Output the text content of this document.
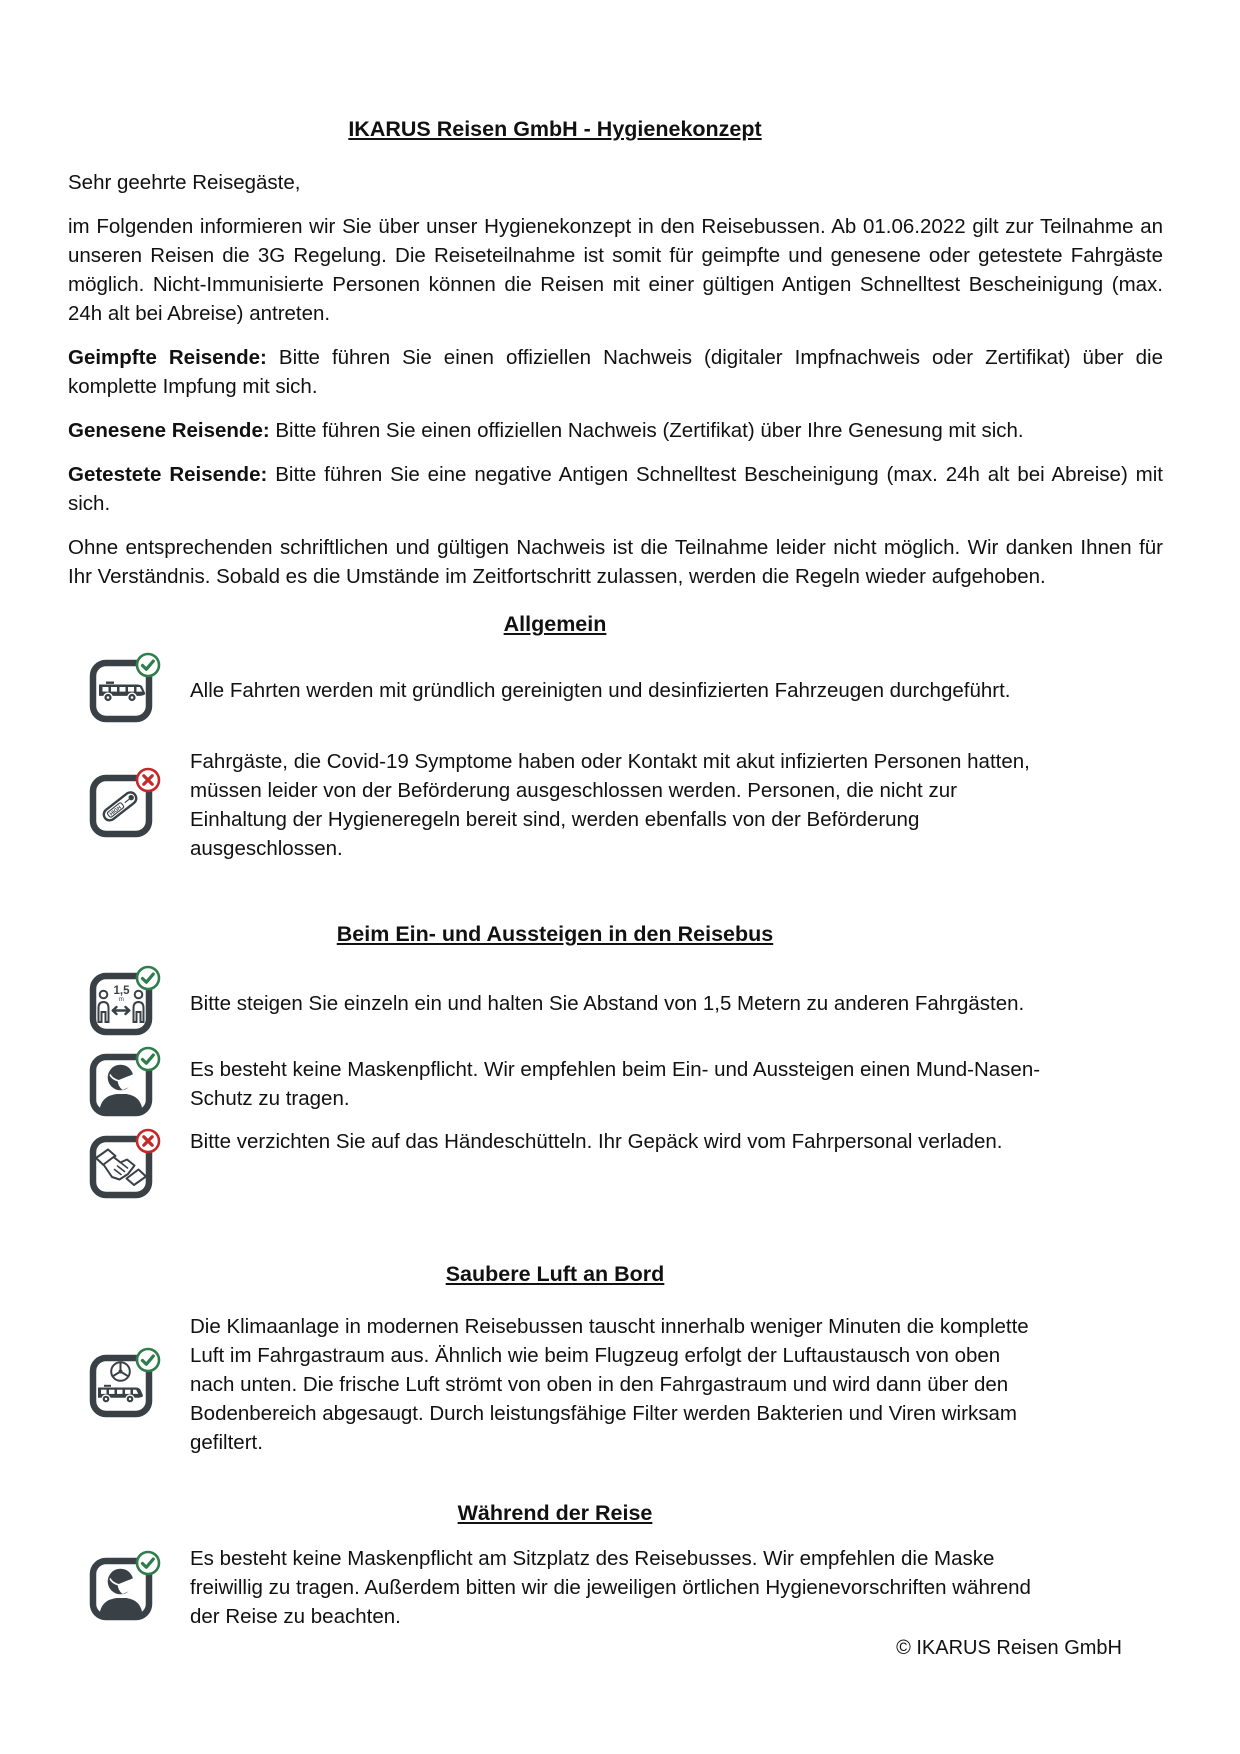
IKARUS Reisen GmbH - Hygienekonzept

Sehr geehrte Reisegäste,

im Folgenden informieren wir Sie über unser Hygienekonzept in den Reisebussen. Ab 01.06.2022 gilt zur Teilnahme an unseren Reisen die 3G Regelung. Die Reiseteilnahme ist somit für geimpfte und genesene oder getestete Fahrgäste möglich. Nicht-Immunisierte Personen können die Reisen mit einer gültigen Antigen Schnelltest Bescheinigung (max. 24h alt bei Abreise) antreten.

Geimpfte Reisende: Bitte führen Sie einen offiziellen Nachweis (digitaler Impfnachweis oder Zertifikat) über die komplette Impfung mit sich.

Genesene Reisende: Bitte führen Sie einen offiziellen Nachweis (Zertifikat) über Ihre Genesung mit sich.

Getestete Reisende: Bitte führen Sie eine negative Antigen Schnelltest Bescheinigung (max. 24h alt bei Abreise) mit sich.

Ohne entsprechenden schriftlichen und gültigen Nachweis ist die Teilnahme leider nicht möglich. Wir danken Ihnen für Ihr Verständnis. Sobald es die Umstände im Zeitfortschritt zulassen, werden die Regeln wieder aufgehoben.

Allgemein

Alle Fahrten werden mit gründlich gereinigten und desinfizierten Fahrzeugen durchgeführt.

Fahrgäste, die Covid-19 Symptome haben oder Kontakt mit akut infizierten Personen hatten, müssen leider von der Beförderung ausgeschlossen werden. Personen, die nicht zur Einhaltung der Hygieneregeln bereit sind, werden ebenfalls von der Beförderung ausgeschlossen.

Beim Ein- und Aussteigen in den Reisebus

Bitte steigen Sie einzeln ein und halten Sie Abstand von 1,5 Metern zu anderen Fahrgästen.

Es besteht keine Maskenpflicht. Wir empfehlen beim Ein- und Aussteigen einen Mund-Nasen-Schutz zu tragen.

Bitte verzichten Sie auf das Händeschütteln. Ihr Gepäck wird vom Fahrpersonal verladen.

Saubere Luft an Bord

Die Klimaanlage in modernen Reisebussen tauscht innerhalb weniger Minuten die komplette Luft im Fahrgastraum aus. Ähnlich wie beim Flugzeug erfolgt der Luftaustausch von oben nach unten. Die frische Luft strömt von oben in den Fahrgastraum und wird dann über den Bodenbereich abgesaugt. Durch leistungsfähige Filter werden Bakterien und Viren wirksam gefiltert.

Während der Reise

Es besteht keine Maskenpflicht am Sitzplatz des Reisebusses. Wir empfehlen die Maske freiwillig zu tragen. Außerdem bitten wir die jeweiligen örtlichen Hygienevorschriften während der Reise zu beachten.

© IKARUS Reisen GmbH
